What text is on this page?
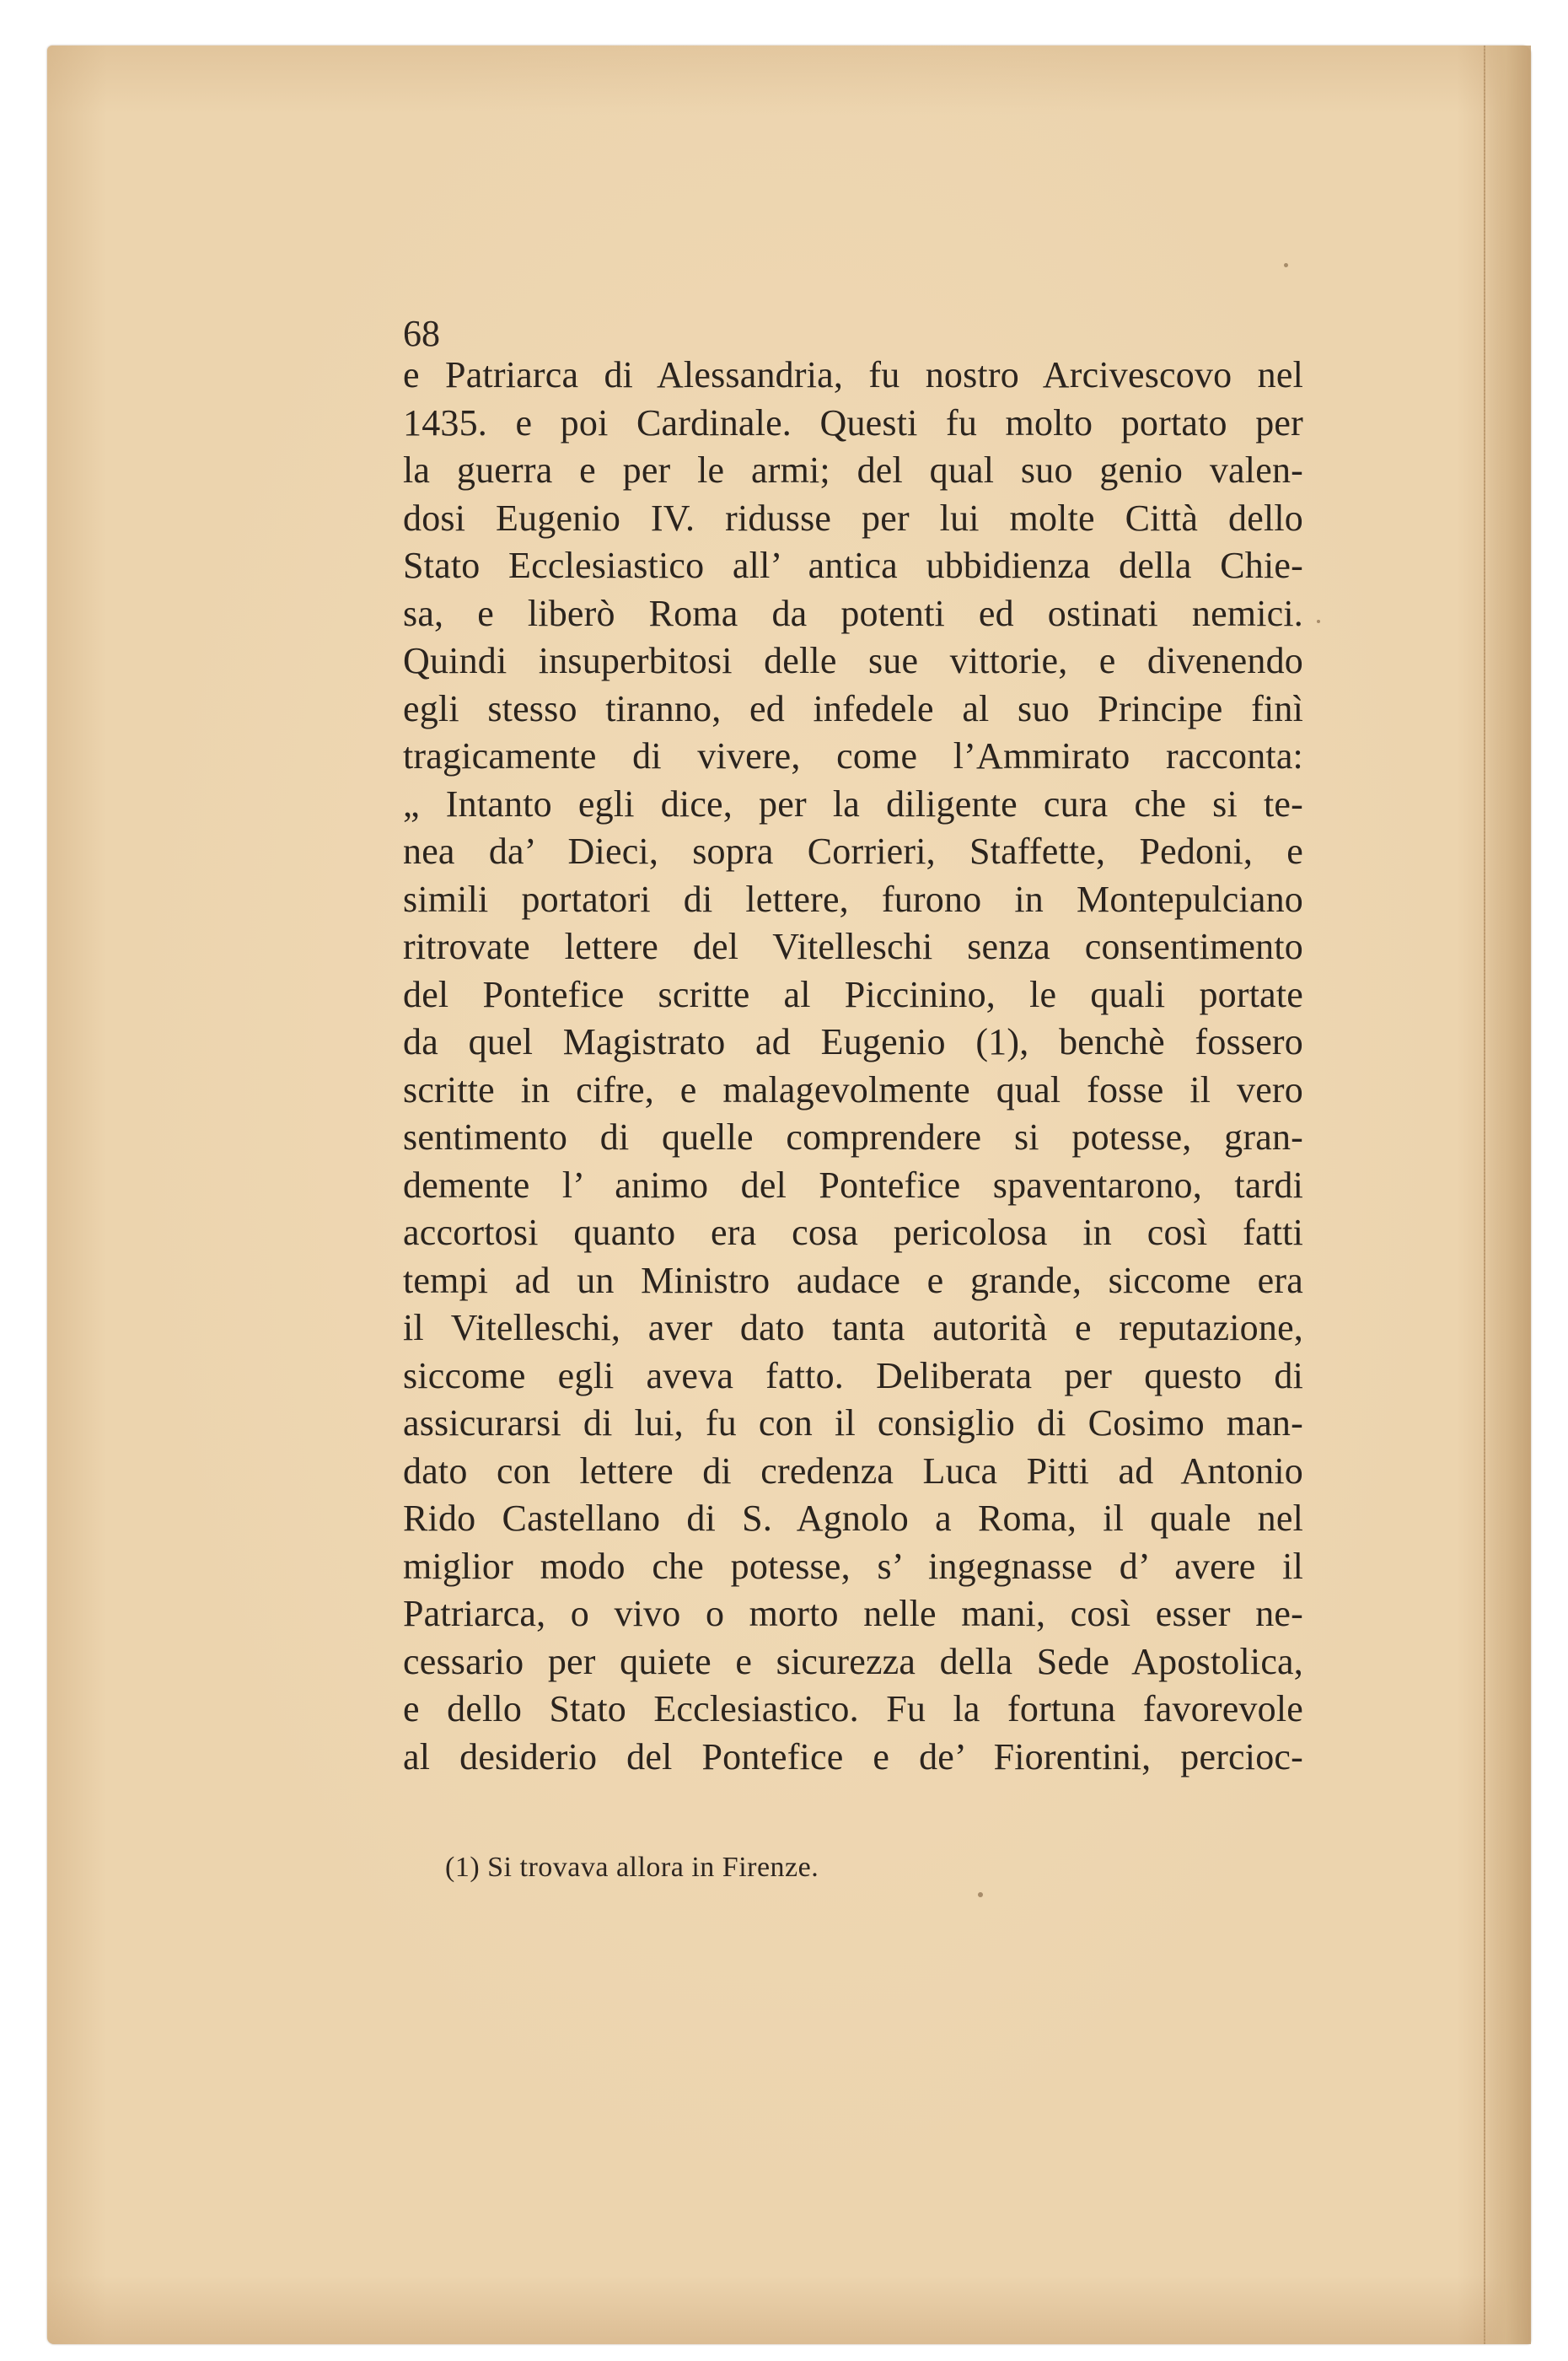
68

e Patriarca di Alessandria, fu nostro Arcivescovo nel
1435. e poi Cardinale. Questi fu molto portato per
la guerra e per le armi; del qual suo genio valen-
dosi Eugenio IV. ridusse per lui molte Città dello
Stato Ecclesiastico all’ antica ubbidienza della Chie-
sa, e liberò Roma da potenti ed ostinati nemici.
Quindi insuperbitosi delle sue vittorie, e divenendo
egli stesso tiranno, ed infedele al suo Principe finì
tragicamente di vivere, come l’Ammirato racconta:
„ Intanto egli dice, per la diligente cura che si te-
nea da’ Dieci, sopra Corrieri, Staffette, Pedoni, e
simili portatori di lettere, furono in Montepulciano
ritrovate lettere del Vitelleschi senza consentimento
del Pontefice scritte al Piccinino, le quali portate
da quel Magistrato ad Eugenio (1), benchè fossero
scritte in cifre, e malagevolmente qual fosse il vero
sentimento di quelle comprendere si potesse, gran-
demente l’ animo del Pontefice spaventarono, tardi
accortosi quanto era cosa pericolosa in così fatti
tempi ad un Ministro audace e grande, siccome era
il Vitelleschi, aver dato tanta autorità e reputazione,
siccome egli aveva fatto. Deliberata per questo di
assicurarsi di lui, fu con il consiglio di Cosimo man-
dato con lettere di credenza Luca Pitti ad Antonio
Rido Castellano di S. Agnolo a Roma, il quale nel
miglior modo che potesse, s’ ingegnasse d’ avere il
Patriarca, o vivo o morto nelle mani, così esser ne-
cessario per quiete e sicurezza della Sede Apostolica,
e dello Stato Ecclesiastico. Fu la fortuna favorevole
al desiderio del Pontefice e de’ Fiorentini, percioc-

(1) Si trovava allora in Firenze.
